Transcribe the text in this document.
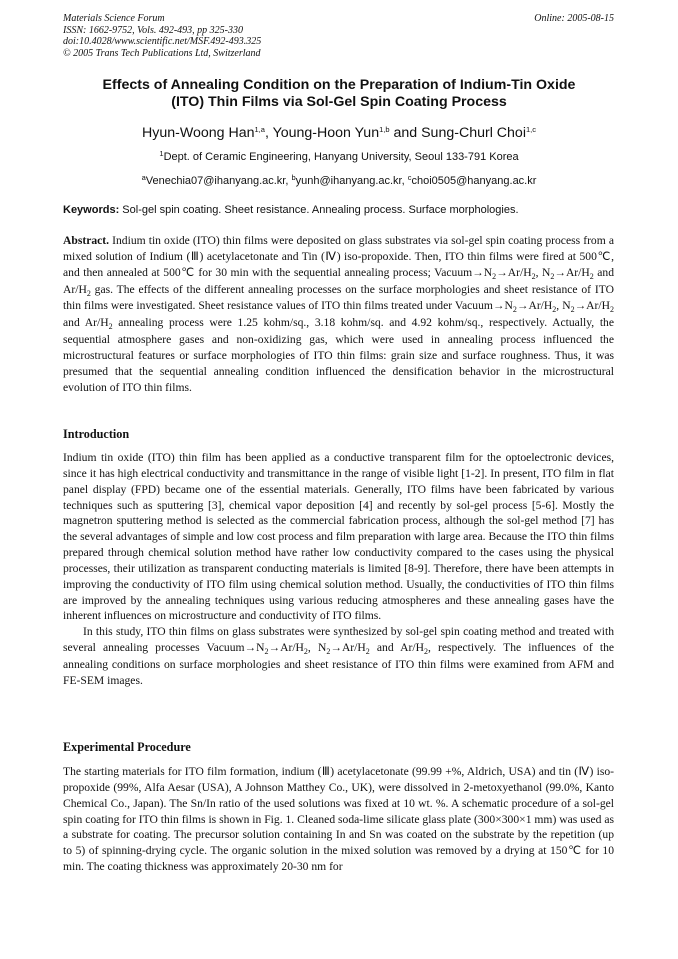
Materials Science Forum
ISSN: 1662-9752, Vols. 492-493, pp 325-330
doi:10.4028/www.scientific.net/MSF.492-493.325
© 2005 Trans Tech Publications Ltd, Switzerland
Online: 2005-08-15
Effects of Annealing Condition on the Preparation of Indium-Tin Oxide
(ITO) Thin Films via Sol-Gel Spin Coating Process
Hyun-Woong Han$^{1,a}$, Young-Hoon Yun$^{1,b}$ and Sung-Churl Choi$^{1,c}$
$^1$Dept. of Ceramic Engineering, Hanyang University, Seoul 133-791 Korea
$^a$Venechia07@ihanyang.ac.kr, $^b$yunh@ihanyang.ac.kr, $^c$choi0505@hanyang.ac.kr
Keywords: Sol-gel spin coating. Sheet resistance. Annealing process. Surface morphologies.

Abstract. Indium tin oxide (ITO) thin films were deposited on glass substrates via sol-gel spin coating process from a mixed solution of Indium (Ⅲ) acetylacetonate and Tin (Ⅳ) iso-propoxide. Then, ITO thin films were fired at 500℃, and then annealed at 500℃ for 30 min with the sequential annealing process; $Vacuum\to N_2\to Ar/H_2$, $N_2\to Ar/H_2$ and $Ar/H_2$ gas. The effects of the different annealing processes on the surface morphologies and sheet resistance of ITO thin films were investigated. Sheet resistance values of ITO thin films treated under $Vacuum\to N_2\to Ar/H_2$, $N_2\to Ar/H_2$ and $Ar/H_2$ annealing process were 1.25 kohm/sq., 3.18 kohm/sq. and 4.92 kohm/sq., respectively. Actually, the sequential atmosphere gases and non-oxidizing gas, which were used in annealing process influenced the microstructural features or surface morphologies of ITO thin films: grain size and surface roughness. Thus, it was presumed that the sequential annealing condition influenced the densification behavior in the microstructural evolution of ITO thin films.

Introduction

Indium tin oxide (ITO) thin film has been applied as a conductive transparent film for the optoelectronic devices, since it has high electrical conductivity and transmittance in the range of visible light [1-2]. In present, ITO film in flat panel display (FPD) became one of the essential materials. Generally, ITO films have been fabricated by various techniques such as sputtering [3], chemical vapor deposition [4] and recently by sol-gel process [5-6]. Mostly the magnetron sputtering method is selected as the commercial fabrication process, although the sol-gel method [7] has the several advantages of simple and low cost process and film preparation with large area. Because the ITO thin films prepared through chemical solution method have rather low conductivity compared to the cases using the physical processes, their utilization as transparent conducting materials is limited [8-9]. Therefore, there have been attempts in improving the conductivity of ITO film using chemical solution method. Usually, the conductivities of ITO thin films are improved by the annealing techniques using various reducing atmospheres and these annealing gases have the inherent influences on microstructure and conductivity of ITO films.

In this study, ITO thin films on glass substrates were synthesized by sol-gel spin coating method and treated with several annealing processes $Vacuum\to N_2\to Ar/H_2$, $N_2\to Ar/H_2$ and $Ar/H_2$, respectively. The influences of the annealing conditions on surface morphologies and sheet resistance of ITO thin films were examined from AFM and FE-SEM images.

Experimental Procedure

The starting materials for ITO film formation, indium (Ⅲ) acetylacetonate (99.99 +%, Aldrich, USA) and tin (Ⅳ) iso-propoxide (99%, Alfa Aesar (USA), A Johnson Matthey Co., UK), were dissolved in 2-metoxyethanol (99.0%, Kanto Chemical Co., Japan). The Sn/In ratio of the used solutions was fixed at 10 wt. %. A schematic procedure of a sol-gel spin coating for ITO thin films is shown in Fig. 1. Cleaned soda-lime silicate glass plate (300×300×1 mm) was used as a substrate for coating. The precursor solution containing In and Sn was coated on the substrate by the repetition (up to 5) of spinning-drying cycle. The organic solution in the mixed solution was removed by a drying at 150℃ for 10 min. The coating thickness was approximately 20-30 nm for
